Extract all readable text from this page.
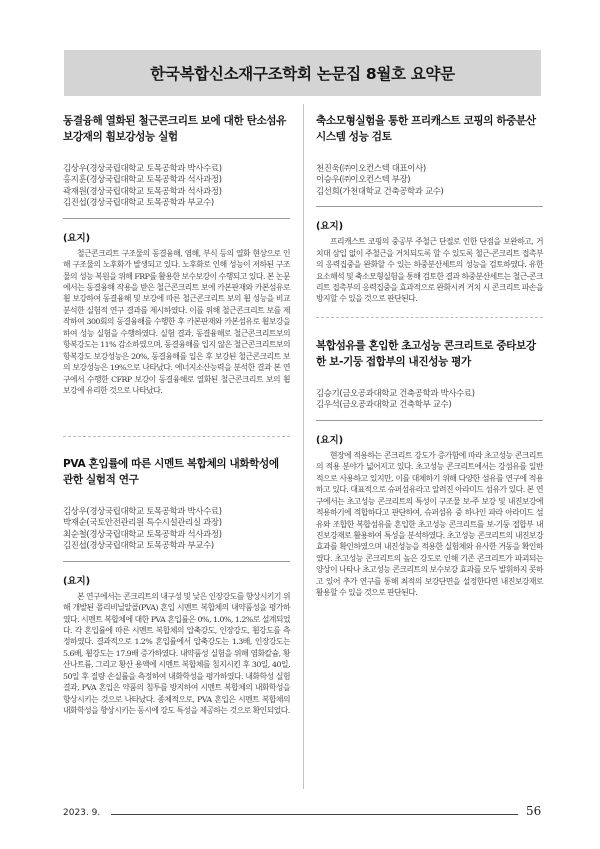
한국복합신소재구조학회 논문집 8월호 요약문
동결융해 열화된 철근콘크리트 보에 대한 탄소섬유 보강재의 휨보강성능 실험
김상우(경상국립대학교 토목공학과 박사수료)
홍지훈(경상국립대학교 토목공학과 석사과정)
곽재원(경상국립대학교 토목공학과 석사과정)
김진섭(경상국립대학교 토목공학과 부교수)
(요지)

철근콘크리트 구조물의 동결융해, 염해, 부식 등의 열화 현상으로 인해 구조물의 노후화가 발생되고 있다. 노후화로 인해 성능이 저하된 구조물의 성능 복원을 위해 FRP를 활용한 보수보강이 수행되고 있다. 본 논문에서는 동결융해 작용을 받은 철근콘크리트 보에 카본판재와 카본섬유로 휨 보강하여 동결융해 및 보강에 따른 철근콘크리트 보의 휨 성능을 비교 분석한 실험적 연구 결과를 제시하였다. 이를 위해 철근콘크리트 보를 제작하여 300회의 동결융해를 수행한 후 카본판재와 카본섬유로 휨보강을 하여 성능 실험을 수행하였다. 실험 결과, 동결융해로 철근콘크리트보의 항복강도는 11% 감소하였으며, 동결융해를 입지 않은 철근콘크리트보의 항복강도 보강성능은 20%, 동결융해를 입은 후 보강된 철근콘크리트 보의 보강성능은 19%으로 나타났다. 에너지소산능력을 분석한 결과 본 연구에서 수행한 CFRP 보강이 동결융해로 열화된 철근콘크리트 보의 휨 보강에 유리한 것으로 나타났다.

PVA 혼입률에 따른 시멘트 복합체의 내화학성에 관한 실험적 연구
김상우(경상국립대학교 토목공학과 박사수료)
박재순(국토안전관리원 특수시설관리실 과장)
최순철(경상국립대학교 토목공학과 석사과정)
김진섭(경상국립대학교 토목공학과 부교수)
(요지)

본 연구에서는 콘크리트의 내구성 및 낮은 인장강도를 향상시키기 위해 개발된 폴리비닐알콜(PVA) 혼입 시멘트 복합체의 내약품성을 평가하였다. 시멘트 복합체에 대한 PVA 혼입률은 0%, 1.0%, 1.2%로 설계되었다. 각 혼입률에 따른 시멘트 복합체의 압축강도, 인장강도, 휨강도를 측정하였다. 결과적으로 1.2% 혼입률에서 압축강도는 1.3배, 인장강도는 5.6배, 휨강도는 17.9배 증가하였다. 내약품성 실험을 위해 염화칼슘, 황산나트륨, 그리고 황산 용액에 시멘트 복합체를 침지시킨 후 30일, 40일, 50일 후 질량 손실률을 측정하여 내화학성을 평가하였다. 내화학성 실험 결과, PVA 혼입은 약품의 침투를 방지하여 시멘트 복합체의 내화학성을 향상시키는 것으로 나타났다. 종체적으로, PVA 혼입은 시멘트 복합체의 내화학성을 향상시키는 동시에 강도 특성을 제공하는 것으로 확인되었다.

축소모형실험을 통한 프리캐스트 코핑의 하중분산 시스템 성능 검토
천진욱(㈜이오컨스텍 대표이사)
이승우(㈜이오컨스텍 부장)
김선희(가천대학교 건축공학과 교수)
(요지)

프리캐스트 코핑의 중공부 주철근 단절로 인한 단점을 보완하고, 거치대 삼입 없이 주철근을 거치되도록 할 수 있도록 철근-콘크리트 접촉부의 응력집중을 완화할 수 있는 하중분산세트의 성능을 검토하였다. 유한요소해석 및 축소모형실험을 통해 검토한 결과 하중분산세트는 철근-콘크리트 접촉부의 응력집중을 효과적으로 완화시켜 거치 시 콘크리트 파손을 방지할 수 있을 것으로 판단된다.

복합섬유를 혼입한 초고성능 콘크리트로 중타보강한 보-기둥 접합부의 내진성능 평가
김승기(금오공과대학교 건축공학과 박사수료)
김우석(금오공과대학교 건축학부 교수)
(요지)

현장에 적용하는 콘크리트 강도가 증가함에 따라 초고성능 콘크리트의 적용 분야가 넓어지고 있다. 초고성능 콘크리트에서는 강섬유를 일반적으로 사용하고 있지만, 이를 대체하기 위해 다양한 섬유를 연구에 적용하고 있다. 대표적으로 슈퍼섬유라고 알려진 아라미드 섬유가 있다. 본 연구에서는 초고성능 콘크리트의 특성이 구조물 보-주 보강 및 내진보강에 적용하기에 적합하다고 판단하여, 슈퍼섬유 중 하나인 파라 아라미드 섬유와 조합한 복합섬유를 혼입한 초고성능 콘크리트를 보-기둥 접합부 내진보강재로 활용하여 특성을 분석하였다. 초고성능 콘크리트의 내진보강 효과를 확인하였으며 내진성능을 적용한 실험체와 유사한 거동을 확인하였다. 초고성능 콘크리트의 높은 강도로 인해 기존 콘크리트가 파괴되는 양상이 나타나 초고성능 콘크리트의 보수보강 효과를 모두 발휘하지 못하고 있어 추가 연구를 통해 최적의 보강단면을 설정한다면 내진보강재로 활용할 수 있을 것으로 판단된다.

2023. 9.	56
